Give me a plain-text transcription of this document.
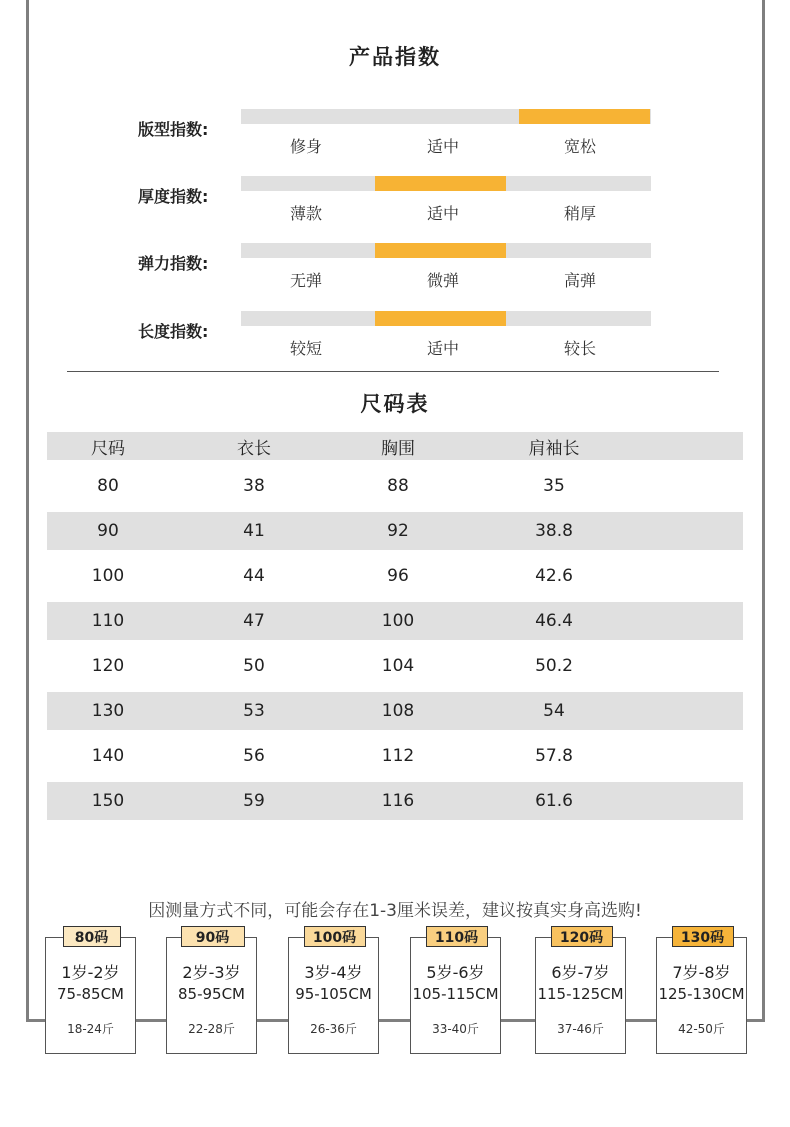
产品指数
版型指数:
修身	适中	宽松
厚度指数:
薄款	适中	稍厚
弹力指数:
无弹	微弹	高弹
长度指数:
较短	适中	较长
尺码表
尺码	衣长	胸围	肩袖长
80	38	88	35
90	41	92	38.8
100	44	96	42.6
110	47	100	46.4
120	50	104	50.2
130	53	108	54
140	56	112	57.8
150	59	116	61.6
因测量方式不同，可能会存在1-3厘米误差，建议按真实身高选购!
1岁-2岁
75-85CM
18-24斤
80码
2岁-3岁
85-95CM
22-28斤
90码
3岁-4岁
95-105CM
26-36斤
100码
5岁-6岁
105-115CM
33-40斤
110码
6岁-7岁
115-125CM
37-46斤
120码
7岁-8岁
125-130CM
42-50斤
130码
